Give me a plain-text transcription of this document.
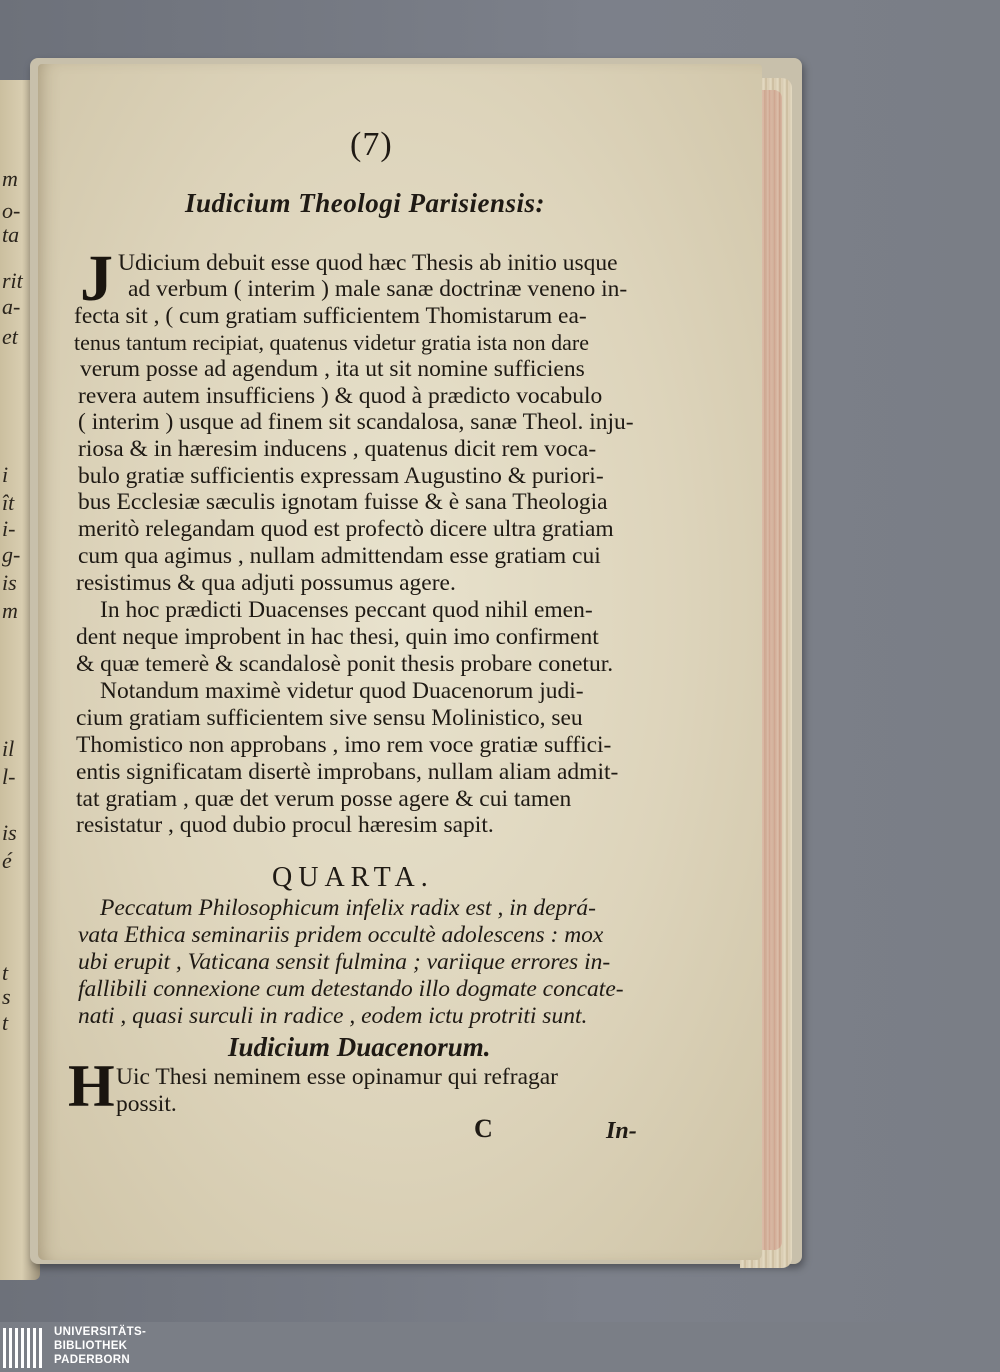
m
o-
ta
rit
a-
et
i
ît
i-
g-
is
m
il
l-
is
é
t
s
t
(7)
Iudicium Theologi Parisiensis:
J Udicium debuit esse quod hæc Thesis ab initio usque
ad verbum ( interim ) male sanæ doctrinæ veneno in-
fecta sit , ( cum gratiam sufficientem Thomistarum ea-
tenus tantum recipiat, quatenus videtur gratia ista non dare
verum posse ad agendum , ita ut sit nomine sufficiens
revera autem insufficiens ) & quod à prædicto vocabulo
( interim ) usque ad finem sit scandalosa, sanæ Theol. inju-
riosa & in hæresim inducens , quatenus dicit rem voca-
bulo gratiæ sufficientis expressam Augustino & puriori-
bus Ecclesiæ sæculis ignotam fuisse & è sana Theologia
meritò relegandam quod est profectò dicere ultra gratiam
cum qua agimus , nullam admittendam esse gratiam cui
resistimus & qua adjuti possumus agere.
In hoc prædicti Duacenses peccant quod nihil emen-
dent neque improbent in hac thesi, quin imo confirment
& quæ temerè & scandalosè ponit thesis probare conetur.
Notandum maximè videtur quod Duacenorum judi-
cium gratiam sufficientem sive sensu Molinistico, seu
Thomistico non approbans , imo rem voce gratiæ suffici-
entis significatam disertè improbans, nullam aliam admit-
tat gratiam , quæ det verum posse agere & cui tamen
resistatur , quod dubio procul hæresim sapit.
QUARTA.
Peccatum Philosophicum infelix radix est , in deprá-
vata Ethica seminariis pridem occultè adolescens : mox
ubi erupit , Vaticana sensit fulmina ; variique errores in-
fallibili connexione cum detestando illo dogmate concate-
nati , quasi surculi in radice , eodem ictu protriti sunt.
Iudicium Duacenorum.
H Uic Thesi neminem esse opinamur qui refragar
possit.
C	In-
UNIVERSITÄTS-
BIBLIOTHEK
PADERBORN
